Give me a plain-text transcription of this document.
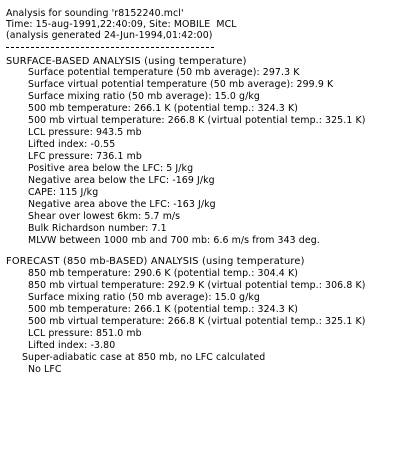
Analysis for sounding 'r8152240.mcl'
Time: 15-aug-1991,22:40:09, Site: MOBILE  MCL
(analysis generated 24-Jun-1994,01:42:00)
SURFACE-BASED ANALYSIS (using temperature)
Surface potential temperature (50 mb average): 297.3 K
Surface virtual potential temperature (50 mb average): 299.9 K
Surface mixing ratio (50 mb average): 15.0 g/kg
500 mb temperature: 266.1 K (potential temp.: 324.3 K)
500 mb virtual temperature: 266.8 K (virtual potential temp.: 325.1 K)
LCL pressure: 943.5 mb
Lifted index: -0.55
LFC pressure: 736.1 mb
Positive area below the LFC: 5 J/kg
Negative area below the LFC: -169 J/kg
CAPE: 115 J/kg
Negative area above the LFC: -163 J/kg
Shear over lowest 6km: 5.7 m/s
Bulk Richardson number: 7.1
MLVW between 1000 mb and 700 mb: 6.6 m/s from 343 deg.
FORECAST (850 mb-BASED) ANALYSIS (using temperature)
850 mb temperature: 290.6 K (potential temp.: 304.4 K)
850 mb virtual temperature: 292.9 K (virtual potential temp.: 306.8 K)
Surface mixing ratio (50 mb average): 15.0 g/kg
500 mb temperature: 266.1 K (potential temp.: 324.3 K)
500 mb virtual temperature: 266.8 K (virtual potential temp.: 325.1 K)
LCL pressure: 851.0 mb
Lifted index: -3.80
Super-adiabatic case at 850 mb, no LFC calculated
No LFC
